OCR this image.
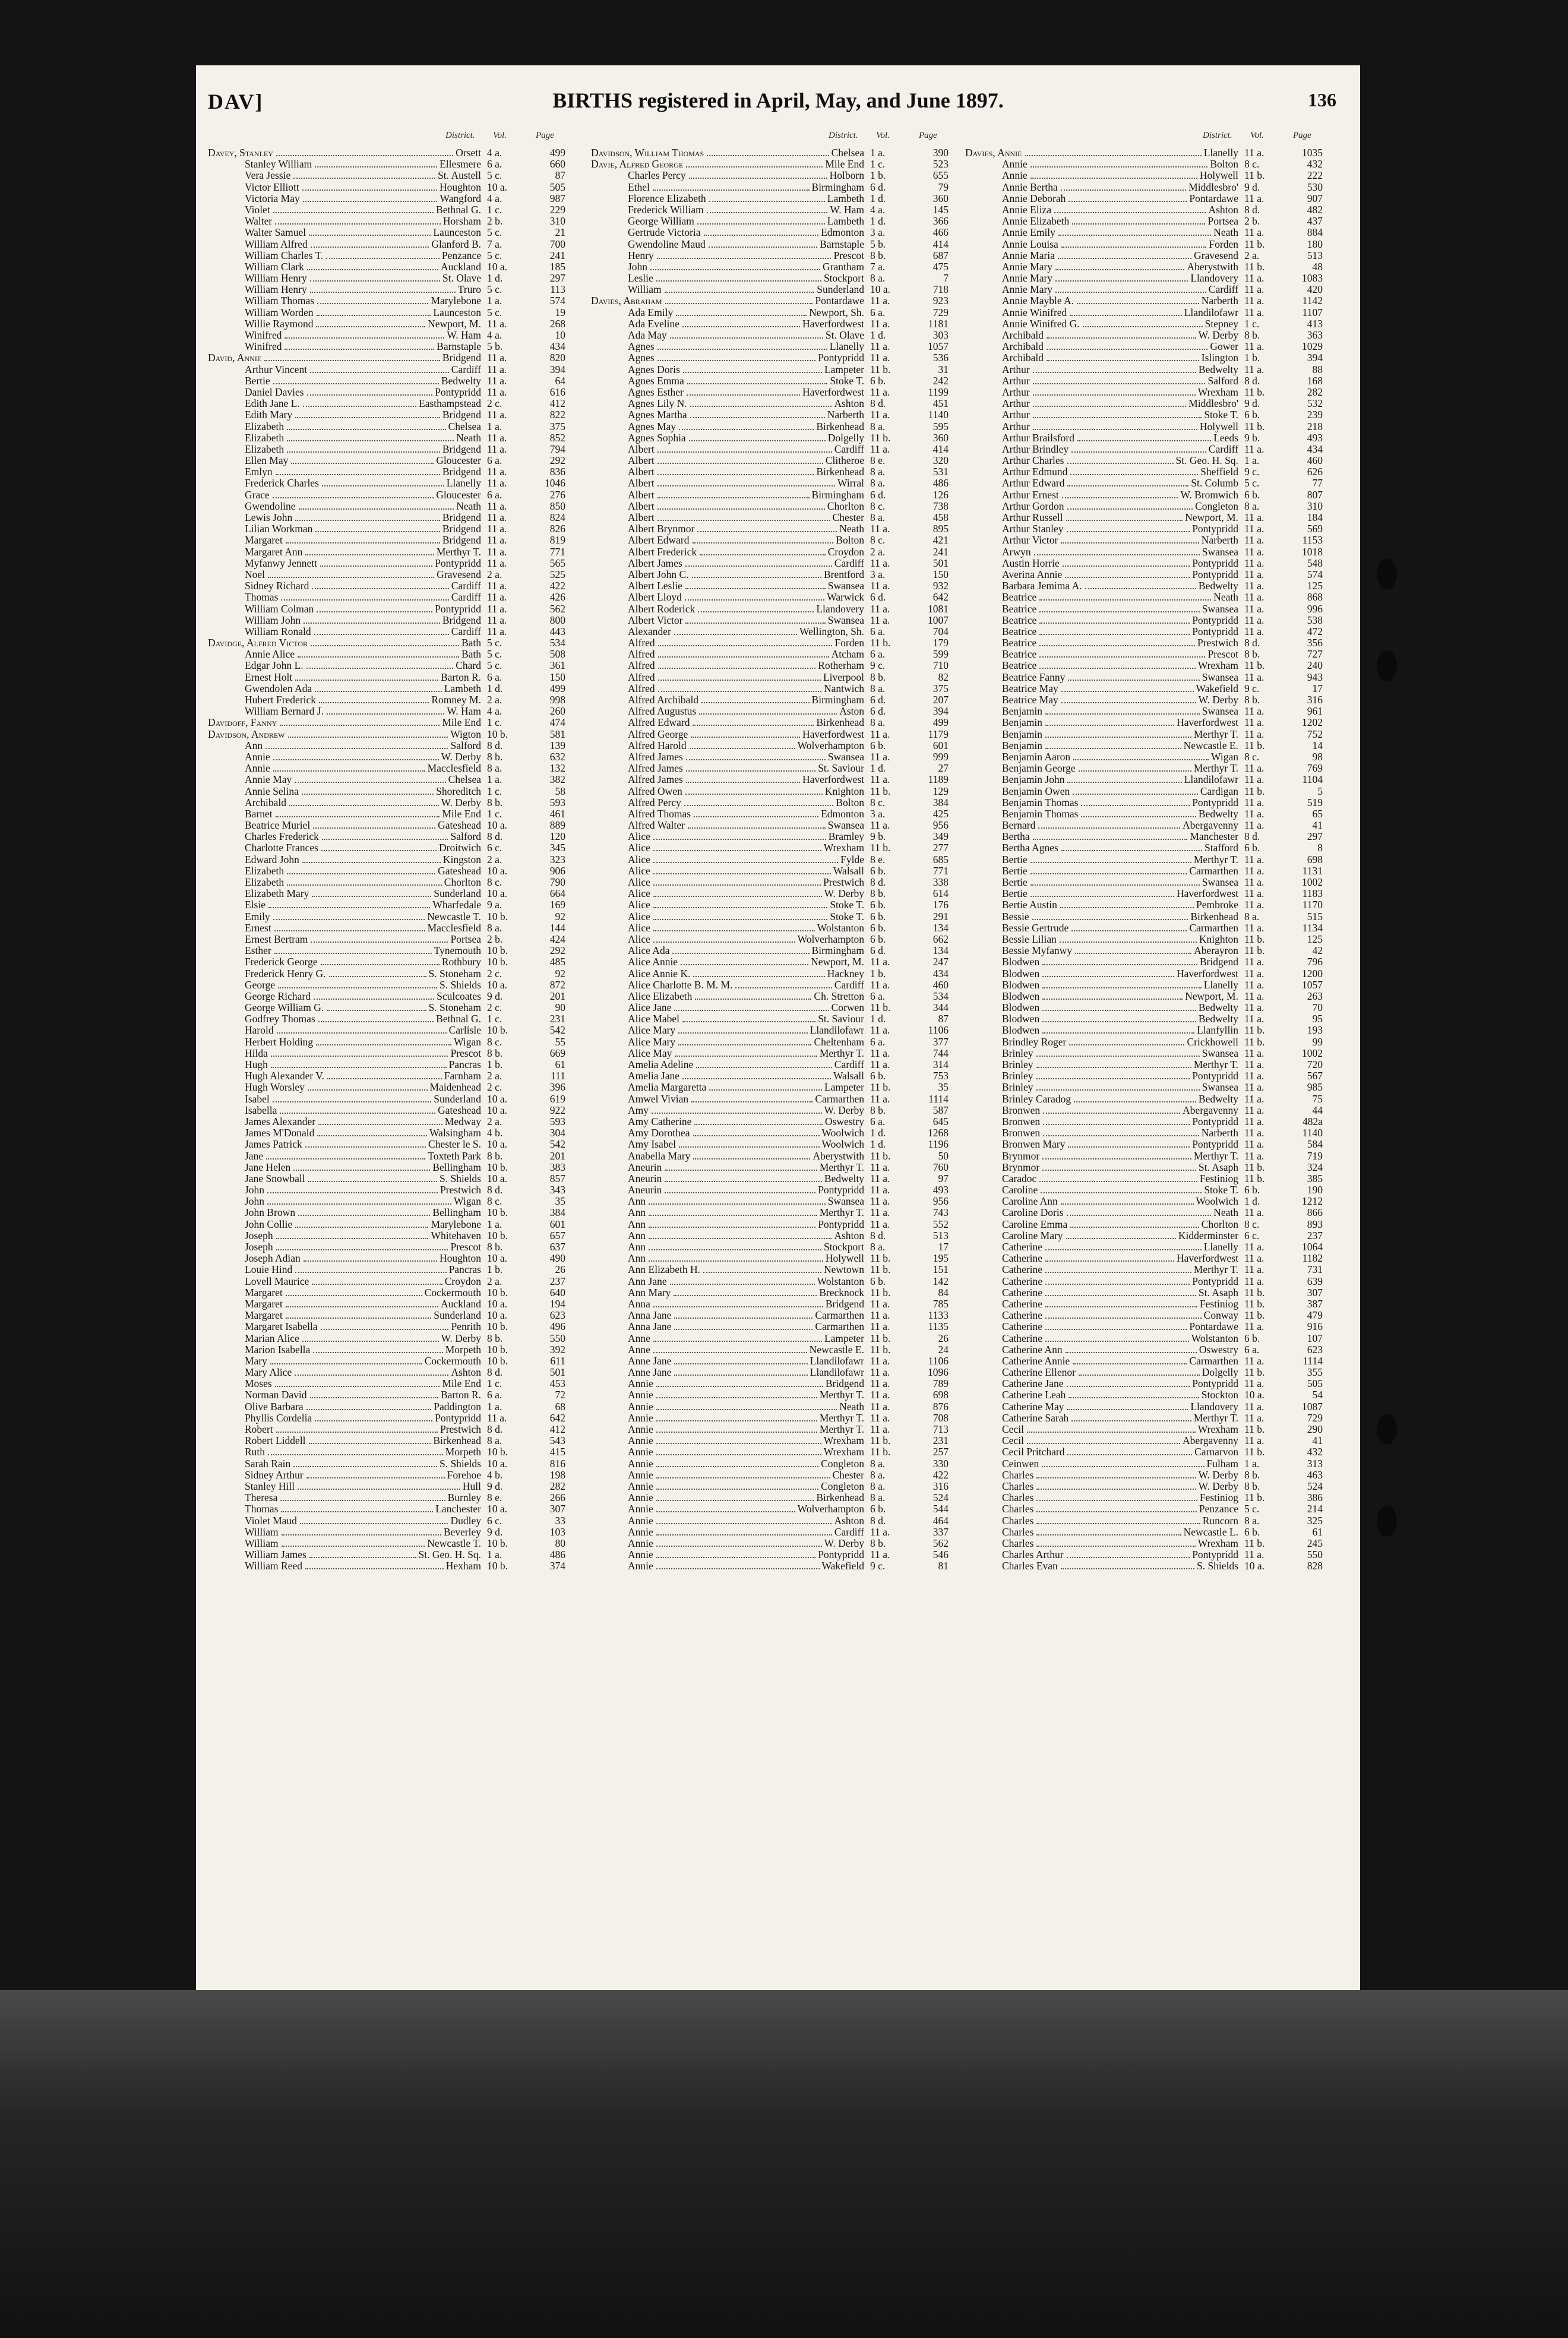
DAV]	BIRTHS registered in April, May, and June 1897.	136
District. Vol.	Page
Davey, Stanley	Orsett 4 a.	499
Stanley William	Ellesmere 6 a.	660
Vera Jessie	St. Austell 5 c.	87
Victor Elliott	Houghton 10 a.	505
Victoria May	Wangford 4 a.	987
Violet	Bethnal G. 1 c.	229
Walter	Horsham 2 b.	310
Walter Samuel	Launceston 5 c.	21
William Alfred	Glanford B. 7 a.	700
William Charles T.	Penzance 5 c.	241
William Clark	Auckland 10 a.	185
William Henry	St. Olave 1 d.	297
William Henry	Truro 5 c.	113
William Thomas	Marylebone 1 a.	574
William Worden	Launceston 5 c.	19
Willie Raymond	Newport, M. 11 a.	268
Winifred	W. Ham 4 a.	10
Winifred	Barnstaple 5 b.	434
David, Annie	Bridgend 11 a.	820
Arthur Vincent	Cardiff 11 a.	394
Bertie	Bedwelty 11 a.	64
Daniel Davies	Pontypridd 11 a.	616
Edith Jane L.	Easthampstead 2 c.	412
Edith Mary	Bridgend 11 a.	822
Elizabeth	Chelsea 1 a.	375
Elizabeth	Neath 11 a.	852
Elizabeth	Bridgend 11 a.	794
Ellen May	Gloucester 6 a.	292
Emlyn	Bridgend 11 a.	836
Frederick Charles	Llanelly 11 a.	1046
Grace	Gloucester 6 a.	276
Gwendoline	Neath 11 a.	850
Lewis John	Bridgend 11 a.	824
Lilian Workman	Bridgend 11 a.	826
Margaret	Bridgend 11 a.	819
Margaret Ann	Merthyr T. 11 a.	771
Myfanwy Jennett	Pontypridd 11 a.	565
Noel	Gravesend 2 a.	525
Sidney Richard	Cardiff 11 a.	422
Thomas	Cardiff 11 a.	426
William Colman	Pontypridd 11 a.	562
William John	Bridgend 11 a.	800
William Ronald	Cardiff 11 a.	443
Davidge, Alfred Victor	Bath 5 c.	534
Annie Alice	Bath 5 c.	508
Edgar John L.	Chard 5 c.	361
Ernest Holt	Barton R. 6 a.	150
Gwendolen Ada	Lambeth 1 d.	499
Hubert Frederick	Romney M. 2 a.	998
William Bernard J.	W. Ham 4 a.	260
Davidoff, Fanny	Mile End 1 c.	474
Davidson, Andrew	Wigton 10 b.	581
Ann	Salford 8 d.	139
Annie	W. Derby 8 b.	632
Annie	Macclesfield 8 a.	132
Annie May	Chelsea 1 a.	382
Annie Selina	Shoreditch 1 c.	58
Archibald	W. Derby 8 b.	593
Barnet	Mile End 1 c.	461
Beatrice Muriel	Gateshead 10 a.	889
Charles Frederick	Salford 8 d.	120
Charlotte Frances	Droitwich 6 c.	345
Edward John	Kingston 2 a.	323
Elizabeth	Gateshead 10 a.	906
Elizabeth	Chorlton 8 c.	790
Elizabeth Mary	Sunderland 10 a.	664
Elsie	Wharfedale 9 a.	169
Emily	Newcastle T. 10 b.	92
Ernest	Macclesfield 8 a.	144
Ernest Bertram	Portsea 2 b.	424
Esther	Tynemouth 10 b.	292
Frederick George	Rothbury 10 b.	485
Frederick Henry G.	S. Stoneham 2 c.	92
George	S. Shields 10 a.	872
George Richard	Sculcoates 9 d.	201
George William G.	S. Stoneham 2 c.	90
Godfrey Thomas	Bethnal G. 1 c.	231
Harold	Carlisle 10 b.	542
Herbert Holding	Wigan 8 c.	55
Hilda	Prescot 8 b.	669
Hugh	Pancras 1 b.	61
Hugh Alexander V.	Farnham 2 a.	111
Hugh Worsley	Maidenhead 2 c.	396
Isabel	Sunderland 10 a.	619
Isabella	Gateshead 10 a.	922
James Alexander	Medway 2 a.	593
James M'Donald	Walsingham 4 b.	304
James Patrick	Chester le S. 10 a.	542
Jane	Toxteth Park 8 b.	201
Jane Helen	Bellingham 10 b.	383
Jane Snowball	S. Shields 10 a.	857
John	Prestwich 8 d.	343
John	Wigan 8 c.	35
John Brown	Bellingham 10 b.	384
John Collie	Marylebone 1 a.	601
Joseph	Whitehaven 10 b.	657
Joseph	Prescot 8 b.	637
Joseph Adian	Houghton 10 a.	490
Louie Hind	Pancras 1 b.	26
Lovell Maurice	Croydon 2 a.	237
Margaret	Cockermouth 10 b.	640
Margaret	Auckland 10 a.	194
Margaret	Sunderland 10 a.	623
Margaret Isabella	Penrith 10 b.	496
Marian Alice	W. Derby 8 b.	550
Marion Isabella	Morpeth 10 b.	392
Mary	Cockermouth 10 b.	611
Mary Alice	Ashton 8 d.	501
Moses	Mile End 1 c.	453
Norman David	Barton R. 6 a.	72
Olive Barbara	Paddington 1 a.	68
Phyllis Cordelia	Pontypridd 11 a.	642
Robert	Prestwich 8 d.	412
Robert Liddell	Birkenhead 8 a.	543
Ruth	Morpeth 10 b.	415
Sarah Rain	S. Shields 10 a.	816
Sidney Arthur	Forehoe 4 b.	198
Stanley Hill	Hull 9 d.	282
Theresa	Burnley 8 e.	266
Thomas	Lanchester 10 a.	307
Violet Maud	Dudley 6 c.	33
William	Beverley 9 d.	103
William	Newcastle T. 10 b.	80
William James	St. Geo. H. Sq. 1 a.	486
William Reed	Hexham 10 b.	374
District. Vol.	Page
Davidson, William Thomas	Chelsea 1 a.	390
Davie, Alfred George	Mile End 1 c.	523
Charles Percy	Holborn 1 b.	655
Ethel	Birmingham 6 d.	79
Florence Elizabeth	Lambeth 1 d.	360
Frederick William	W. Ham 4 a.	145
George William	Lambeth 1 d.	366
Gertrude Victoria	Edmonton 3 a.	466
Gwendoline Maud	Barnstaple 5 b.	414
Henry	Prescot 8 b.	687
John	Grantham 7 a.	475
Leslie	Stockport 8 a.	7
William	Sunderland 10 a.	718
Davies, Abraham	Pontardawe 11 a.	923
Ada Emily	Newport, Sh. 6 a.	729
Ada Eveline	Haverfordwest 11 a.	1181
Ada May	St. Olave 1 d.	303
Agnes	Llanelly 11 a.	1057
Agnes	Pontypridd 11 a.	536
Agnes Doris	Lampeter 11 b.	31
Agnes Emma	Stoke T. 6 b.	242
Agnes Esther	Haverfordwest 11 a.	1199
Agnes Lily N.	Ashton 8 d.	451
Agnes Martha	Narberth 11 a.	1140
Agnes May	Birkenhead 8 a.	595
Agnes Sophia	Dolgelly 11 b.	360
Albert	Cardiff 11 a.	414
Albert	Clitheroe 8 e.	320
Albert	Birkenhead 8 a.	531
Albert	Wirral 8 a.	486
Albert	Birmingham 6 d.	126
Albert	Chorlton 8 c.	738
Albert	Chester 8 a.	458
Albert Brynmor	Neath 11 a.	895
Albert Edward	Bolton 8 c.	421
Albert Frederick	Croydon 2 a.	241
Albert James	Cardiff 11 a.	501
Albert John C.	Brentford 3 a.	150
Albert Leslie	Swansea 11 a.	932
Albert Lloyd	Warwick 6 d.	642
Albert Roderick	Llandovery 11 a.	1081
Albert Victor	Swansea 11 a.	1007
Alexander	Wellington, Sh. 6 a.	704
Alfred	Forden 11 b.	179
Alfred	Atcham 6 a.	599
Alfred	Rotherham 9 c.	710
Alfred	Liverpool 8 b.	82
Alfred	Nantwich 8 a.	375
Alfred Archibald	Birmingham 6 d.	207
Alfred Augustus	Aston 6 d.	394
Alfred Edward	Birkenhead 8 a.	499
Alfred George	Haverfordwest 11 a.	1179
Alfred Harold	Wolverhampton 6 b.	601
Alfred James	Swansea 11 a.	999
Alfred James	St. Saviour 1 d.	27
Alfred James	Haverfordwest 11 a.	1189
Alfred Owen	Knighton 11 b.	129
Alfred Percy	Bolton 8 c.	384
Alfred Thomas	Edmonton 3 a.	425
Alfred Walter	Swansea 11 a.	956
Alice	Bramley 9 b.	349
Alice	Wrexham 11 b.	277
Alice	Fylde 8 e.	685
Alice	Walsall 6 b.	771
Alice	Prestwich 8 d.	338
Alice	W. Derby 8 b.	614
Alice	Stoke T. 6 b.	176
Alice	Stoke T. 6 b.	291
Alice	Wolstanton 6 b.	134
Alice	Wolverhampton 6 b.	662
Alice Ada	Birmingham 6 d.	134
Alice Annie	Newport, M. 11 a.	247
Alice Annie K.	Hackney 1 b.	434
Alice Charlotte B. M. M.	Cardiff 11 a.	460
Alice Elizabeth	Ch. Stretton 6 a.	534
Alice Jane	Corwen 11 b.	344
Alice Mabel	St. Saviour 1 d.	87
Alice Mary	Llandilofawr 11 a.	1106
Alice Mary	Cheltenham 6 a.	377
Alice May	Merthyr T. 11 a.	744
Amelia Adeline	Cardiff 11 a.	314
Amelia Jane	Walsall 6 b.	753
Amelia Margaretta	Lampeter 11 b.	35
Amwel Vivian	Carmarthen 11 a.	1114
Amy	W. Derby 8 b.	587
Amy Catherine	Oswestry 6 a.	645
Amy Dorothea	Woolwich 1 d.	1268
Amy Isabel	Woolwich 1 d.	1196
Anabella Mary	Aberystwith 11 b.	50
Aneurin	Merthyr T. 11 a.	760
Aneurin	Bedwelty 11 a.	97
Aneurin	Pontypridd 11 a.	493
Ann	Swansea 11 a.	956
Ann	Merthyr T. 11 a.	743
Ann	Pontypridd 11 a.	552
Ann	Ashton 8 d.	513
Ann	Stockport 8 a.	17
Ann	Holywell 11 b.	195
Ann Elizabeth H.	Newtown 11 b.	151
Ann Jane	Wolstanton 6 b.	142
Ann Mary	Brecknock 11 b.	84
Anna	Bridgend 11 a.	785
Anna Jane	Carmarthen 11 a.	1133
Anna Jane	Carmarthen 11 a.	1135
Anne	Lampeter 11 b.	26
Anne	Newcastle E. 11 b.	24
Anne Jane	Llandilofawr 11 a.	1106
Anne Jane	Llandilofawr 11 a.	1096
Annie	Bridgend 11 a.	789
Annie	Merthyr T. 11 a.	698
Annie	Neath 11 a.	876
Annie	Merthyr T. 11 a.	708
Annie	Merthyr T. 11 a.	713
Annie	Wrexham 11 b.	231
Annie	Wrexham 11 b.	257
Annie	Congleton 8 a.	330
Annie	Chester 8 a.	422
Annie	Congleton 8 a.	316
Annie	Birkenhead 8 a.	524
Annie	Wolverhampton 6 b.	544
Annie	Ashton 8 d.	464
Annie	Cardiff 11 a.	337
Annie	W. Derby 8 b.	562
Annie	Pontypridd 11 a.	546
Annie	Wakefield 9 c.	81
District. Vol.	Page
Davies, Annie	Llanelly 11 a.	1035
Annie	Bolton 8 c.	432
Annie	Holywell 11 b.	222
Annie Bertha	Middlesbro' 9 d.	530
Annie Deborah	Pontardawe 11 a.	907
Annie Eliza	Ashton 8 d.	482
Annie Elizabeth	Portsea 2 b.	437
Annie Emily	Neath 11 a.	884
Annie Louisa	Forden 11 b.	180
Annie Maria	Gravesend 2 a.	513
Annie Mary	Aberystwith 11 b.	48
Annie Mary	Llandovery 11 a.	1083
Annie Mary	Cardiff 11 a.	420
Annie Mayble A.	Narberth 11 a.	1142
Annie Winifred	Llandilofawr 11 a.	1107
Annie Winifred G.	Stepney 1 c.	413
Archibald	W. Derby 8 b.	363
Archibald	Gower 11 a.	1029
Archibald	Islington 1 b.	394
Arthur	Bedwelty 11 a.	88
Arthur	Salford 8 d.	168
Arthur	Wrexham 11 b.	282
Arthur	Middlesbro' 9 d.	532
Arthur	Stoke T. 6 b.	239
Arthur	Holywell 11 b.	218
Arthur Brailsford	Leeds 9 b.	493
Arthur Brindley	Cardiff 11 a.	434
Arthur Charles	St. Geo. H. Sq. 1 a.	460
Arthur Edmund	Sheffield 9 c.	626
Arthur Edward	St. Columb 5 c.	77
Arthur Ernest	W. Bromwich 6 b.	807
Arthur Gordon	Congleton 8 a.	310
Arthur Russell	Newport, M. 11 a.	184
Arthur Stanley	Pontypridd 11 a.	569
Arthur Victor	Narberth 11 a.	1153
Arwyn	Swansea 11 a.	1018
Austin Horrie	Pontypridd 11 a.	548
Averina Annie	Pontypridd 11 a.	574
Barbara Jemima A.	Bedwelty 11 a.	125
Beatrice	Neath 11 a.	868
Beatrice	Swansea 11 a.	996
Beatrice	Pontypridd 11 a.	538
Beatrice	Pontypridd 11 a.	472
Beatrice	Prestwich 8 d.	356
Beatrice	Prescot 8 b.	727
Beatrice	Wrexham 11 b.	240
Beatrice Fanny	Swansea 11 a.	943
Beatrice May	Wakefield 9 c.	17
Beatrice May	W. Derby 8 b.	316
Benjamin	Swansea 11 a.	961
Benjamin	Haverfordwest 11 a.	1202
Benjamin	Merthyr T. 11 a.	752
Benjamin	Newcastle E. 11 b.	14
Benjamin Aaron	Wigan 8 c.	98
Benjamin George	Merthyr T. 11 a.	769
Benjamin John	Llandilofawr 11 a.	1104
Benjamin Owen	Cardigan 11 b.	5
Benjamin Thomas	Pontypridd 11 a.	519
Benjamin Thomas	Bedwelty 11 a.	65
Bernard	Abergavenny 11 a.	41
Bertha	Manchester 8 d.	297
Bertha Agnes	Stafford 6 b.	8
Bertie	Merthyr T. 11 a.	698
Bertie	Carmarthen 11 a.	1131
Bertie	Swansea 11 a.	1002
Bertie	Haverfordwest 11 a.	1183
Bertie Austin	Pembroke 11 a.	1170
Bessie	Birkenhead 8 a.	515
Bessie Gertrude	Carmarthen 11 a.	1134
Bessie Lilian	Knighton 11 b.	125
Bessie Myfanwy	Aberayron 11 b.	42
Blodwen	Bridgend 11 a.	796
Blodwen	Haverfordwest 11 a.	1200
Blodwen	Llanelly 11 a.	1057
Blodwen	Newport, M. 11 a.	263
Blodwen	Bedwelty 11 a.	70
Blodwen	Bedwelty 11 a.	95
Blodwen	Llanfyllin 11 b.	193
Brindley Roger	Crickhowell 11 b.	99
Brinley	Swansea 11 a.	1002
Brinley	Merthyr T. 11 a.	720
Brinley	Pontypridd 11 a.	567
Brinley	Swansea 11 a.	985
Brinley Caradog	Bedwelty 11 a.	75
Bronwen	Abergavenny 11 a.	44
Bronwen	Pontypridd 11 a.	482a
Bronwen	Narberth 11 a.	1140
Bronwen Mary	Pontypridd 11 a.	584
Brynmor	Merthyr T. 11 a.	719
Brynmor	St. Asaph 11 b.	324
Caradoc	Festiniog 11 b.	385
Caroline	Stoke T. 6 b.	190
Caroline Ann	Woolwich 1 d.	1212
Caroline Doris	Neath 11 a.	866
Caroline Emma	Chorlton 8 c.	893
Caroline Mary	Kidderminster 6 c.	237
Catherine	Llanelly 11 a.	1064
Catherine	Haverfordwest 11 a.	1182
Catherine	Merthyr T. 11 a.	731
Catherine	Pontypridd 11 a.	639
Catherine	St. Asaph 11 b.	307
Catherine	Festiniog 11 b.	387
Catherine	Conway 11 b.	479
Catherine	Pontardawe 11 a.	916
Catherine	Wolstanton 6 b.	107
Catherine Ann	Oswestry 6 a.	623
Catherine Annie	Carmarthen 11 a.	1114
Catherine Ellenor	Dolgelly 11 b.	355
Catherine Jane	Pontypridd 11 a.	505
Catherine Leah	Stockton 10 a.	54
Catherine May	Llandovery 11 a.	1087
Catherine Sarah	Merthyr T. 11 a.	729
Cecil	Wrexham 11 b.	290
Cecil	Abergavenny 11 a.	41
Cecil Pritchard	Carnarvon 11 b.	432
Ceinwen	Fulham 1 a.	313
Charles	W. Derby 8 b.	463
Charles	W. Derby 8 b.	524
Charles	Festiniog 11 b.	386
Charles	Penzance 5 c.	214
Charles	Runcorn 8 a.	325
Charles	Newcastle L. 6 b.	61
Charles	Wrexham 11 b.	245
Charles Arthur	Pontypridd 11 a.	550
Charles Evan	S. Shields 10 a.	828
